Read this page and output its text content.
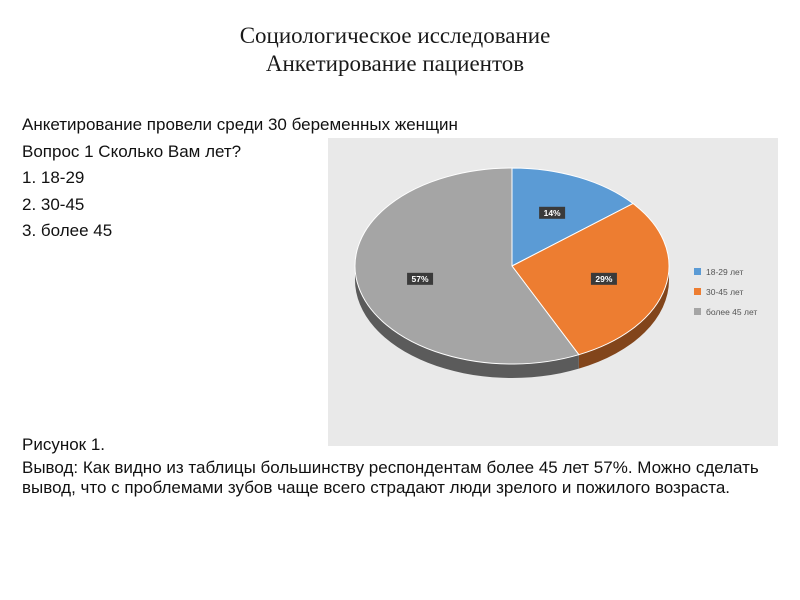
Социологическое исследование
Анкетирование пациентов

Анкетирование провели среди 30 беременных женщин

Вопрос 1 Сколько Вам лет?

1. 18-29

2. 30-45

3. более 45

14%
29%
57%
18-29 лет
30-45 лет
более 45 лет

Рисунок 1.

Вывод: Как видно из таблицы большинству респондентам более 45 лет 57%. Можно сделать вывод, что с проблемами зубов чаще всего страдают люди зрелого и пожилого возраста.
